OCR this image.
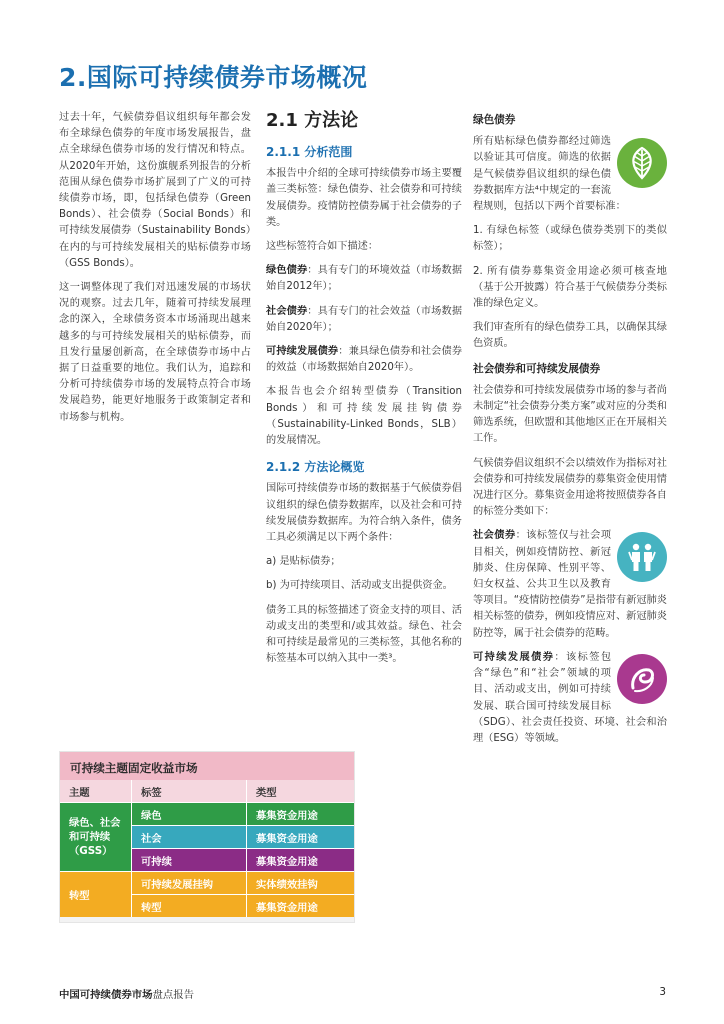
2.国际可持续债券市场概况

过去十年，气候债券倡议组织每年都会发布全球绿色债券的年度市场发展报告，盘点全球绿色债券市场的发行情况和特点。从2020年开始，这份旗舰系列报告的分析范围从绿色债券市场扩展到了广义的可持续债券市场，即，包括绿色债券（Green Bonds）、社会债券（Social Bonds）和可持续发展债券（Sustainability Bonds）在内的与可持续发展相关的贴标债券市场（GSS Bonds）。

这一调整体现了我们对迅速发展的市场状况的观察。过去几年，随着可持续发展理念的深入，全球债务资本市场涌现出越来越多的与可持续发展相关的贴标债券，而且发行量屡创新高，在全球债券市场中占据了日益重要的地位。我们认为，追踪和分析可持续债券市场的发展特点符合市场发展趋势，能更好地服务于政策制定者和市场参与机构。

2.1 方法论
2.1.1 分析范围

本报告中介绍的全球可持续债券市场主要覆盖三类标签：绿色债券、社会债券和可持续发展债券。疫情防控债券属于社会债券的子类。

这些标签符合如下描述：

绿色债券：具有专门的环境效益（市场数据始自2012年）；

社会债券：具有专门的社会效益（市场数据始自2020年）；

可持续发展债券：兼具绿色债券和社会债券的效益（市场数据始自2020年）。

本报告也会介绍转型债券（Transition Bonds）和可持续发展挂钩债券（Sustainability-Linked Bonds，SLB）的发展情况。

2.1.2 方法论概览

国际可持续债券市场的数据基于气候债券倡议组织的绿色债券数据库，以及社会和可持续发展债券数据库。为符合纳入条件，债务工具必须满足以下两个条件：

a) 是贴标债券；

b) 为可持续项目、活动或支出提供资金。

债务工具的标签描述了资金支持的项目、活动或支出的类型和/或其效益。绿色、社会和可持续是最常见的三类标签，其他名称的标签基本可以纳入其中一类³。

绿色债券

所有贴标绿色债券都经过筛选以验证其可信度。筛选的依据是气候债券倡议组织的绿色债券数据库方法⁴中规定的一套流程规则，包括以下两个首要标准：

1. 有绿色标签（或绿色债券类别下的类似标签）；

2. 所有债券募集资金用途必须可核查地（基于公开披露）符合基于气候债券分类标准的绿色定义。

我们审查所有的绿色债券工具，以确保其绿色资质。

社会债券和可持续发展债券

社会债券和可持续发展债券市场的参与者尚未制定“社会债券分类方案”或对应的分类和筛选系统，但欧盟和其他地区正在开展相关工作。

气候债券倡议组织不会以绩效作为指标对社会债券和可持续发展债券的募集资金使用情况进行区分。募集资金用途将按照债券各自的标签分类如下：

社会债券：该标签仅与社会项目相关，例如疫情防控、新冠肺炎、住房保障、性别平等、妇女权益、公共卫生以及教育等项目。“疫情防控债券”是指带有新冠肺炎相关标签的债券，例如疫情应对、新冠肺炎防控等，属于社会债券的范畴。

可持续发展债券：该标签包含“绿色”和“社会”领域的项目、活动或支出，例如可持续发展、联合国可持续发展目标（SDG）、社会责任投资、环境、社会和治理（ESG）等领域。

可持续主题固定收益市场
主题	标签	类型
绿色、社会和可持续（GSS）
绿色	募集资金用途
社会	募集资金用途
可持续	募集资金用途
转型
可持续发展挂钩	实体绩效挂钩
转型	募集资金用途
中国可持续债券市场盘点报告	3
